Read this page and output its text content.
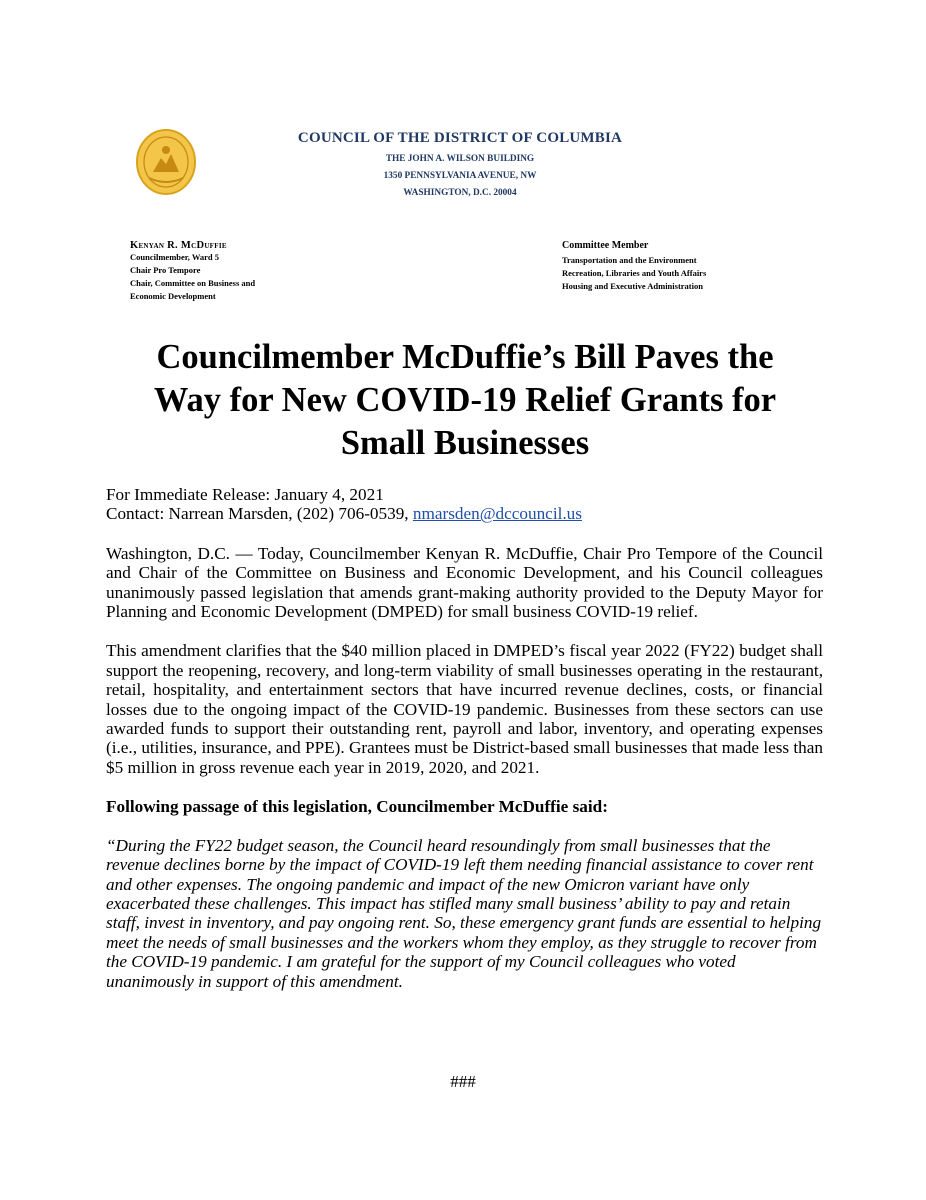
COUNCIL OF THE DISTRICT OF COLUMBIA
THE JOHN A. WILSON BUILDING
1350 PENNSYLVANIA AVENUE, NW
WASHINGTON, D.C. 20004
Kenyan R. McDuffie
Councilmember, Ward 5
Chair Pro Tempore
Chair, Committee on Business and
Economic Development
Committee Member
Transportation and the Environment
Recreation, Libraries and Youth Affairs
Housing and Executive Administration
Councilmember McDuffie’s Bill Paves the
Way for New COVID-19 Relief Grants for
Small Businesses

For Immediate Release: January 4, 2021

Contact: Narrean Marsden, (202) 706-0539, nmarsden@dccouncil.us

Washington, D.C. — Today, Councilmember Kenyan R. McDuffie, Chair Pro Tempore of the Council and Chair of the Committee on Business and Economic Development, and his Council colleagues unanimously passed legislation that amends grant-making authority provided to the Deputy Mayor for Planning and Economic Development (DMPED) for small business COVID-19 relief.

This amendment clarifies that the $40 million placed in DMPED’s fiscal year 2022 (FY22) budget shall support the reopening, recovery, and long-term viability of small businesses operating in the restaurant, retail, hospitality, and entertainment sectors that have incurred revenue declines, costs, or financial losses due to the ongoing impact of the COVID-19 pandemic. Businesses from these sectors can use awarded funds to support their outstanding rent, payroll and labor, inventory, and operating expenses (i.e., utilities, insurance, and PPE). Grantees must be District-based small businesses that made less than $5 million in gross revenue each year in 2019, 2020, and 2021.

Following passage of this legislation, Councilmember McDuffie said:

“During the FY22 budget season, the Council heard resoundingly from small businesses that the revenue declines borne by the impact of COVID-19 left them needing financial assistance to cover rent and other expenses. The ongoing pandemic and impact of the new Omicron variant have only exacerbated these challenges. This impact has stifled many small business’ ability to pay and retain staff, invest in inventory, and pay ongoing rent. So, these emergency grant funds are essential to helping meet the needs of small businesses and the workers whom they employ, as they struggle to recover from the COVID-19 pandemic. I am grateful for the support of my Council colleagues who voted unanimously in support of this amendment.

###
